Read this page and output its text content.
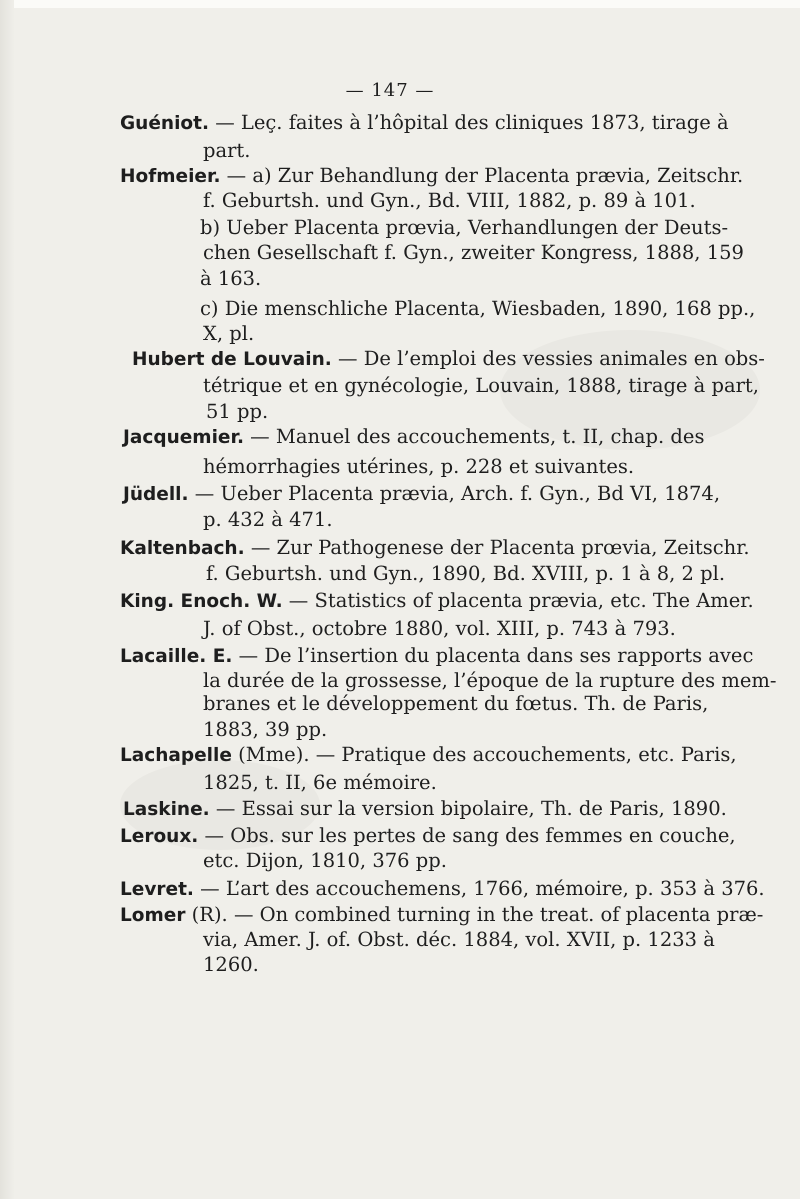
— 147 —
Guéniot. — Leç. faites à l’hôpital des cliniques 1873, tirage à
part.
Hofmeier. — a) Zur Behandlung der Placenta prævia, Zeitschr.
f. Geburtsh. und Gyn., Bd. VIII, 1882, p. 89 à 101.
b) Ueber Placenta prœvia, Verhandlungen der Deuts-
chen Gesellschaft f. Gyn., zweiter Kongress, 1888, 159
à 163.
c) Die menschliche Placenta, Wiesbaden, 1890, 168 pp.,
X, pl.
Hubert de Louvain. — De l’emploi des vessies animales en obs-
tétrique et en gynécologie, Louvain, 1888, tirage à part,
51 pp.
Jacquemier. — Manuel des accouchements, t. II, chap. des
hémorrhagies utérines, p. 228 et suivantes.
Jüdell. — Ueber Placenta prævia, Arch. f. Gyn., Bd VI, 1874,
p. 432 à 471.
Kaltenbach. — Zur Pathogenese der Placenta prœvia, Zeitschr.
f. Geburtsh. und Gyn., 1890, Bd. XVIII, p. 1 à 8, 2 pl.
King. Enoch. W. — Statistics of placenta prævia, etc. The Amer.
J. of Obst., octobre 1880, vol. XIII, p. 743 à 793.
Lacaille. E. — De l’insertion du placenta dans ses rapports avec
la durée de la grossesse, l’époque de la rupture des mem-
branes et le développement du fœtus. Th. de Paris,
1883, 39 pp.
Lachapelle (Mme). — Pratique des accouchements, etc. Paris,
1825, t. II, 6e mémoire.
Laskine. — Essai sur la version bipolaire, Th. de Paris, 1890.
Leroux. — Obs. sur les pertes de sang des femmes en couche,
etc. Dijon, 1810, 376 pp.
Levret. — L’art des accouchemens, 1766, mémoire, p. 353 à 376.
Lomer (R). — On combined turning in the treat. of placenta præ-
via, Amer. J. of. Obst. déc. 1884, vol. XVII, p. 1233 à
1260.
